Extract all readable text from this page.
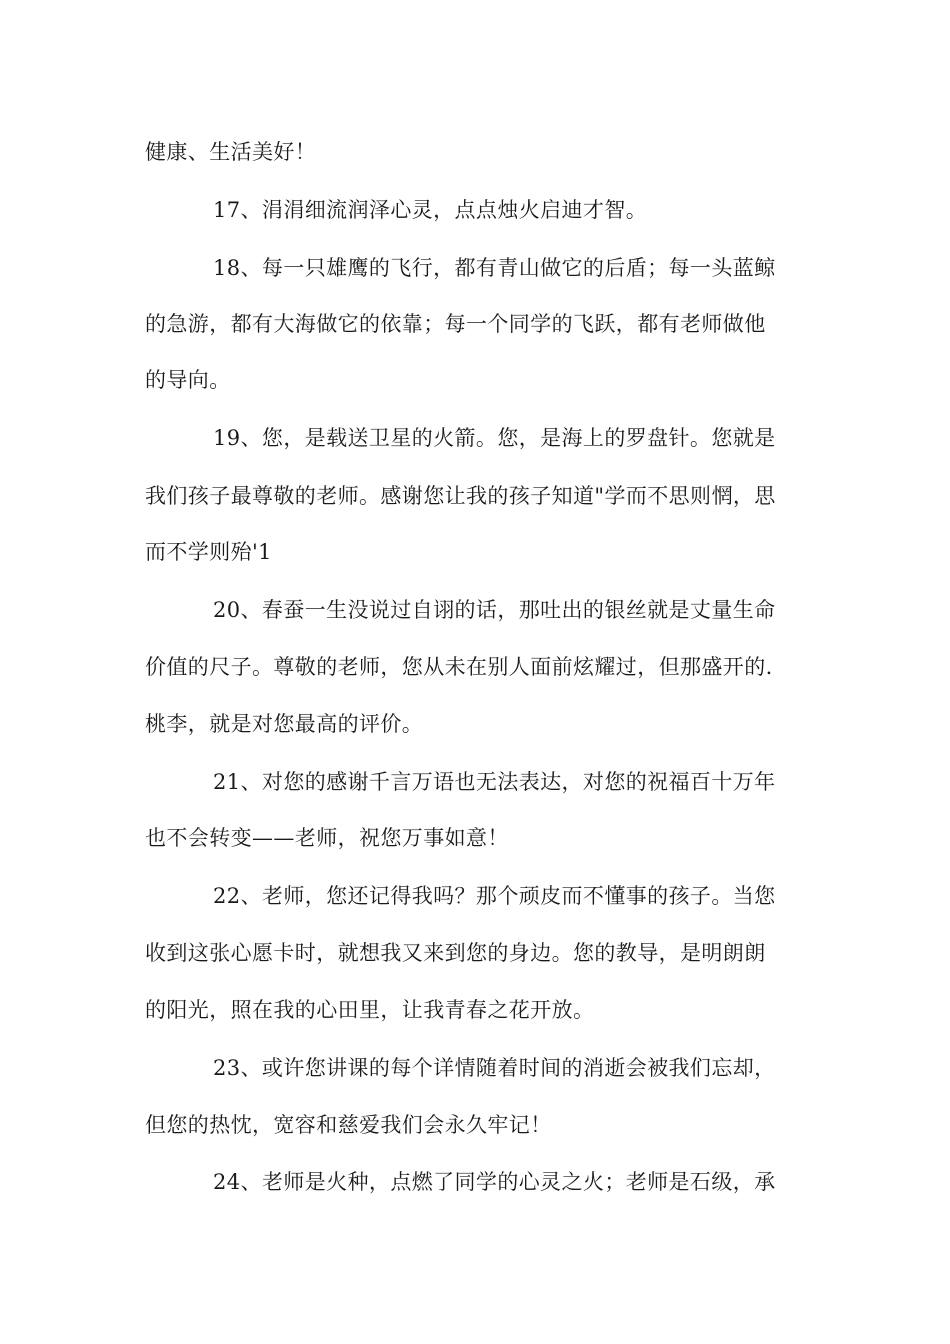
健康、生活美好！
17、涓涓细流润泽心灵，点点烛火启迪才智。
18、每一只雄鹰的飞行，都有青山做它的后盾；每一头蓝鲸
的急游，都有大海做它的依靠；每一个同学的飞跃，都有老师做他
的导向。
19、您，是载送卫星的火箭。您，是海上的罗盘针。您就是
我们孩子最尊敬的老师。感谢您让我的孩子知道"学而不思则惘，思
而不学则殆'1
20、春蚕一生没说过自诩的话，那吐出的银丝就是丈量生命
价值的尺子。尊敬的老师，您从未在别人面前炫耀过，但那盛开的.
桃李，就是对您最高的评价。
21、对您的感谢千言万语也无法表达，对您的祝福百十万年
也不会转变——老师，祝您万事如意！
22、老师，您还记得我吗？那个顽皮而不懂事的孩子。当您
收到这张心愿卡时，就想我又来到您的身边。您的教导，是明朗朗
的阳光，照在我的心田里，让我青春之花开放。
23、或许您讲课的每个详情随着时间的消逝会被我们忘却，
但您的热忱，宽容和慈爱我们会永久牢记！
24、老师是火种，点燃了同学的心灵之火；老师是石级，承
